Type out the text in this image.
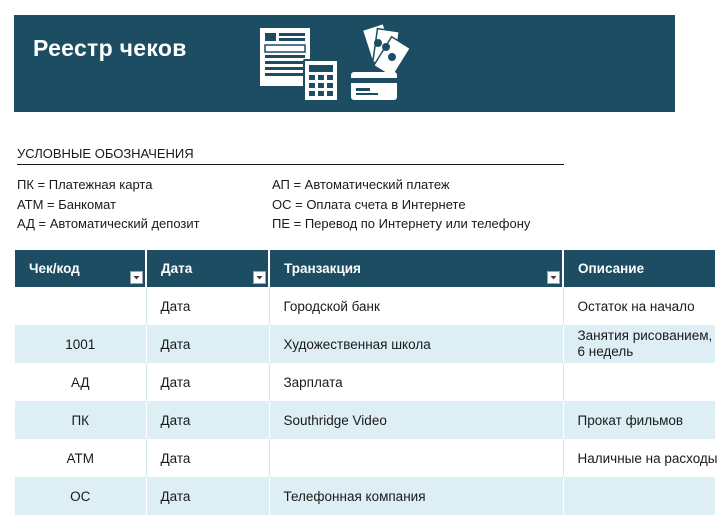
Реестр чеков
УСЛОВНЫЕ ОБОЗНАЧЕНИЯ
ПК = Платежная карта
АТМ = Банкомат
АД = Автоматический депозит
АП = Автоматический платеж
ОС = Оплата счета в Интернете
ПЕ = Перевод по Интернету или телефону
Чек/код	Дата	Транзакция	Описание
	Дата	Городской банк	Остаток на начало
1001	Дата	Художественная школа	Занятия рисованием, 6 недель
АД	Дата	Зарплата	
ПК	Дата	Southridge Video	Прокат фильмов
АТМ	Дата		Наличные на расходы
ОС	Дата	Телефонная компания	
